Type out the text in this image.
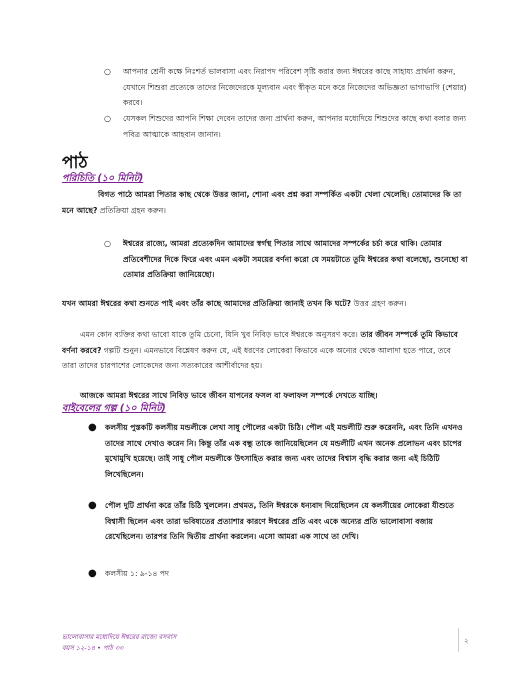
○ আপনার শ্রেনী কক্ষে নিঃশর্ত ভালবাসা এবং নিরাপদ পরিবেশ সৃষ্টি করার জন্য ঈশ্বরের কাছে সাহায্য প্রার্থনা করুন, যেখানে শিশুরা প্রত্যেকে তাদের নিজেদেরকে মূল্যবান এবং স্বীকৃত মনে করে নিজেদের অভিজ্ঞতা ভাগাভাগি (শেয়ার) করবে।
○ যেসকল শিশুদের আপনি শিক্ষা দেবেন তাদের জন্য প্রার্থনা করুন, আপনার মধ্যেদিয়ে শিশুদের কাছে কথা বলার জন্য পবিত্র আত্মাকে আহবান জানান।
পাঠ
পরিচিতি (১০ মিনিট)
বিগত পাঠে আমরা পিতার কাছ থেকে উত্তর জানা, শোনা এবং প্রশ্ন করা সম্পর্কিত একটা খেলা খেলেছি। তোমাদের কি তা মনে আছে? প্রতিক্রিয়া গ্রহন করুন।
○ ঈশ্বরের রাজ্যে, আমরা প্রত্যেকদিন আমাদের স্বর্গস্থ পিতার সাথে আমাদের সম্পর্কের চর্চা করে থাকি। তোমার প্রতিবেশীদের দিকে ফিরে এবং এমন একটা সময়ের বর্ণনা করো যে সময়টাতে তুমি ঈশ্বরের কথা বলেছো, শুনেছো বা তোমার প্রতিক্রিয়া জানিয়েছো।
যখন আমরা ঈশ্বরের কথা শুনতে পাই এবং তাঁর কাছে আমাদের প্রতিক্রিয়া জানাই তখন কি ঘটে? উত্তর গ্রহণ করুন।
এমন কোন ব্যক্তির কথা ভাবো যাকে তুমি চেনো, যিনি খুব নিবিড় ভাবে ঈশ্বরকে অনুসরণ করে। তার জীবন সম্পর্কে তুমি কিভাবে বর্ণনা করবে? গল্পটি শুনুন। এমনভাবে বিশ্লেষণ করুন যে, এই ধরণের লোকেরা কিভাবে একে অন্যের থেকে আলাদা হতে পারে, তবে তারা তাদের চারপাশের লোকেদের জন্য সত্যকারের আশীর্বাদের হয়।
আজকে আমরা ঈশ্বরের সাথে নিবিড় ভাবে জীবন যাপনের ফসল বা ফলাফল সম্পর্কে দেখতে যাচ্ছি।
বাইবেলের গল্প (১০ মিনিট)
● কলসীয় পুস্তকটি কলসীয় মন্ডলীকে লেখা সাধু পৌলের একটা চিঠি। পৌল এই মন্ডলীটি শুরু করেননি, এবং তিনি এখনও তাদের সাথে দেখাও করেন নি। কিন্তু তাঁর এক বন্ধু তাকে জানিয়েছিলেন যে মন্ডলীটি এখন অনেক প্রলোভন এবং চাপের মুখোমুখি হয়েছে। তাই সাধু পৌল মন্ডলীকে উৎসাহিত করার জন্য এবং তাদের বিশ্বাস বৃদ্ধি করার জন্য এই চিঠিটি লিখেছিলেন।
● পৌল দুটি প্রার্থনা করে তাঁর চিঠি খুললেন। প্রথমত, তিনি ঈশ্বরকে ধন্যবাদ দিয়েছিলেন যে কলসীয়ের লোকেরা যীশুতে বিশ্বাসী ছিলেন এবং তারা ভবিষ্যতের প্রত্যাশার কারণে ঈশ্বরের প্রতি এবং একে অন্যের প্রতি ভালোবাসা বজায় রেখেছিলেন। তারপর তিনি দ্বিতীয় প্রার্থনা করলেন। এসো আমরা এক সাথে তা দেখি।
● কলসীয় ১: ৯-১৪ পদ
ভালোবাসার মধ্যেদিয়ে ঈশ্বরের রাজ্যে বসবাস
বয়স ১২-১৪ • পাঠ ৩৩
২
